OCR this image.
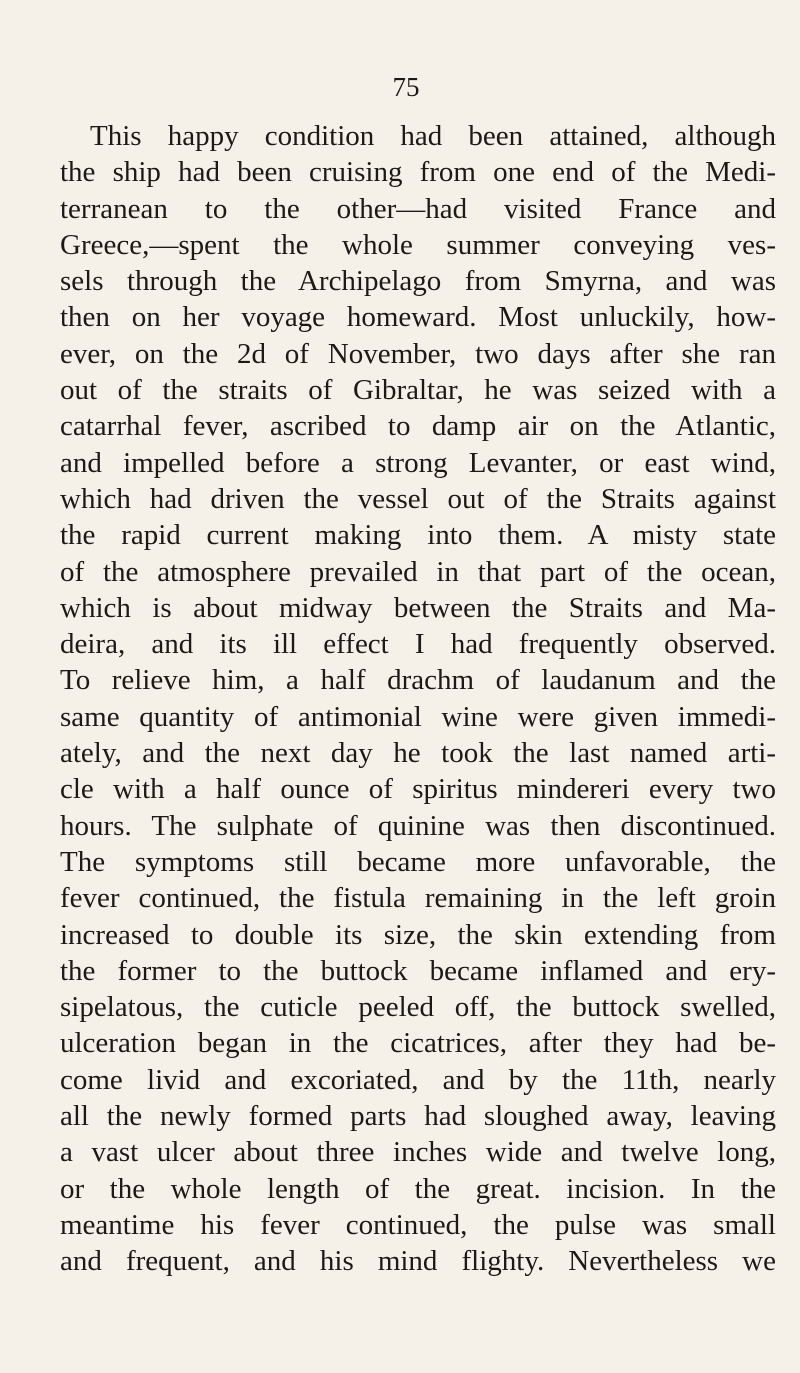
75
This happy condition had been attained, although
the ship had been cruising from one end of the Medi-
terranean to the other—had visited France and
Greece,—spent the whole summer conveying ves-
sels through the Archipelago from Smyrna, and was
then on her voyage homeward. Most unluckily, how-
ever, on the 2d of November, two days after she ran
out of the straits of Gibraltar, he was seized with a
catarrhal fever, ascribed to damp air on the Atlantic,
and impelled before a strong Levanter, or east wind,
which had driven the vessel out of the Straits against
the rapid current making into them. A misty state
of the atmosphere prevailed in that part of the ocean,
which is about midway between the Straits and Ma-
deira, and its ill effect I had frequently observed.
To relieve him, a half drachm of laudanum and the
same quantity of antimonial wine were given immedi-
ately, and the next day he took the last named arti-
cle with a half ounce of spiritus mindereri every two
hours. The sulphate of quinine was then discontinued.
The symptoms still became more unfavorable, the
fever continued, the fistula remaining in the left groin
increased to double its size, the skin extending from
the former to the buttock became inflamed and ery-
sipelatous, the cuticle peeled off, the buttock swelled,
ulceration began in the cicatrices, after they had be-
come livid and excoriated, and by the 11th, nearly
all the newly formed parts had sloughed away, leaving
a vast ulcer about three inches wide and twelve long,
or the whole length of the great. incision. In the
meantime his fever continued, the pulse was small
and frequent, and his mind flighty. Nevertheless we
